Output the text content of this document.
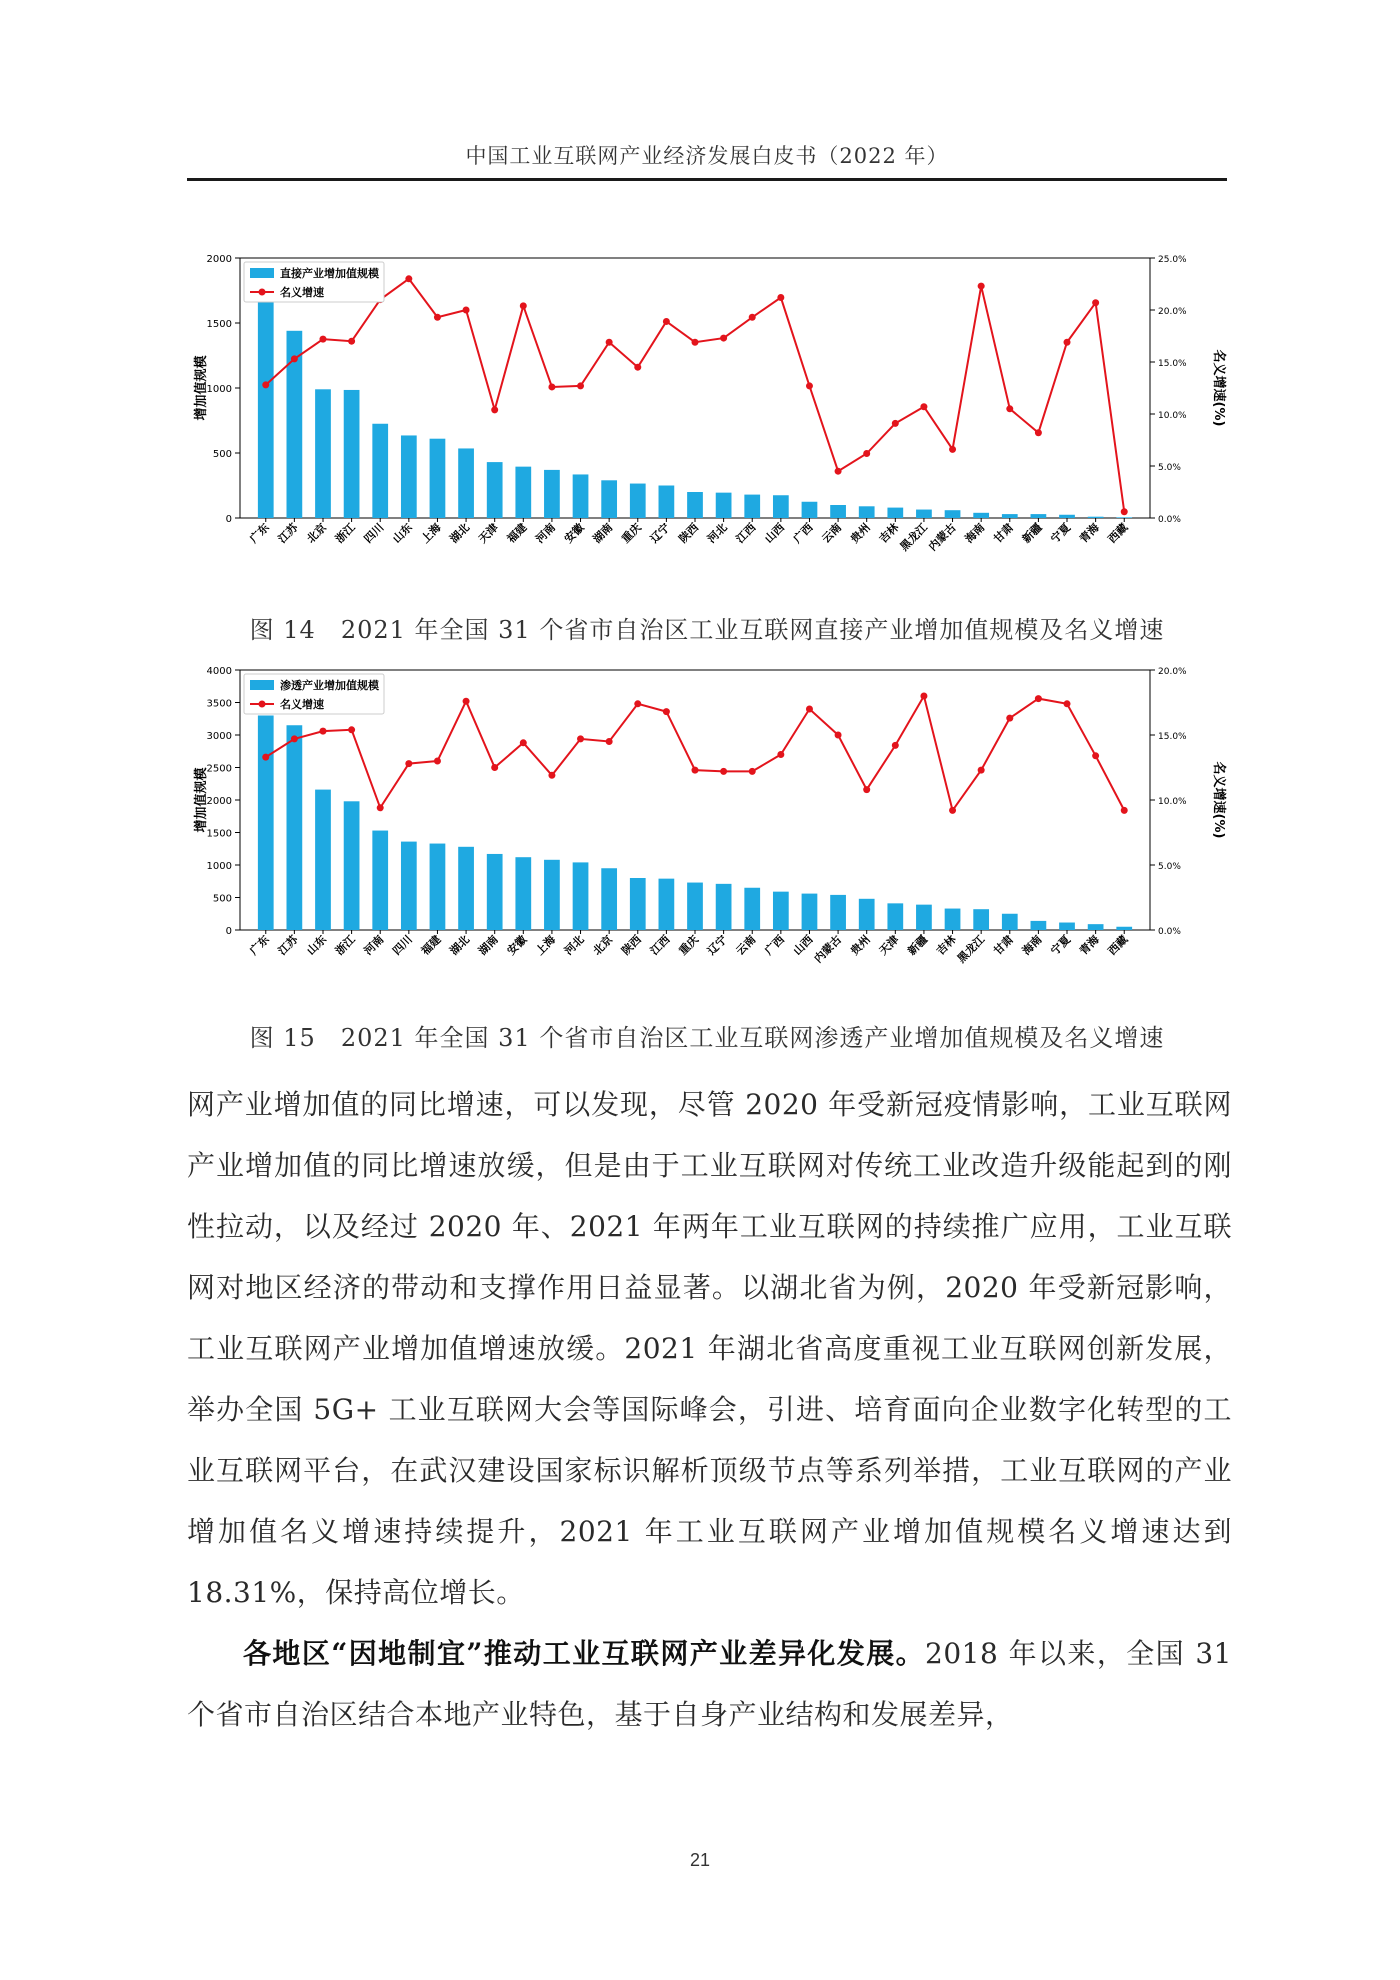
中国工业互联网产业经济发展白皮书（2022 年）
0
500
1000
1500
2000
0.0%
5.0%
10.0%
15.0%
20.0%
25.0%
增加值规模	名义增速(%)
广东 江苏 北京 浙江 四川 山东 上海 湖北 天津 福建 河南 安徽 湖南 重庆 辽宁 陕西 河北 江西 山西 广西 云南 贵州 吉林
黑龙江
内蒙古 海南 甘肃 新疆 宁夏 青海 西藏
直接产业增加值规模
名义增速
图 14　2021 年全国 31 个省市自治区工业互联网直接产业增加值规模及名义增速
0
500
1000
1500
2000
2500
3000
3500
4000
0.0%
5.0%
10.0%
15.0%
20.0%
增加值规模	名义增速(%)
广东 江苏 山东 浙江 河南 四川 福建 湖北 湖南 安徽 上海 河北 北京 陕西 江西 重庆 辽宁 云南 广西 山西
内蒙古 贵州 天津 新疆 吉林
黑龙江 甘肃 海南 宁夏 青海 西藏
渗透产业增加值规模
名义增速
图 15　2021 年全国 31 个省市自治区工业互联网渗透产业增加值规模及名义增速

网产业增加值的同比增速，可以发现，尽管 2020 年受新冠疫情影响，工业互联网产业增加值的同比增速放缓，但是由于工业互联网对传统工业改造升级能起到的刚性拉动，以及经过 2020 年、2021 年两年工业互联网的持续推广应用，工业互联网对地区经济的带动和支撑作用日益显著。以湖北省为例，2020 年受新冠影响，工业互联网产业增加值增速放缓。2021 年湖北省高度重视工业互联网创新发展，举办全国 5G+ 工业互联网大会等国际峰会，引进、培育面向企业数字化转型的工业互联网平台，在武汉建设国家标识解析顶级节点等系列举措，工业互联网的产业增加值名义增速持续提升，2021 年工业互联网产业增加值规模名义增速达到 18.31%，保持高位增长。

各地区“因地制宜”推动工业互联网产业差异化发展。2018 年以来，全国 31 个省市自治区结合本地产业特色，基于自身产业结构和发展差异，

21
